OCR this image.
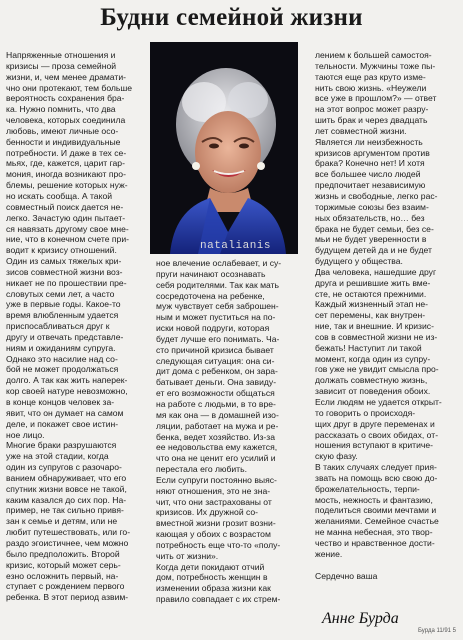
Будни семейной жизни
Напряженные отношения и
кризисы — проза семейной
жизни, и, чем менее драмати-
чно они протекают, тем больше
вероятность сохранения бра-
ка. Нужно помнить, что два
человека, которых соединила
любовь, имеют личные осо-
бенности и индивидуальные
потребности. И даже в тех се-
мьях, где, кажется, царит гар-
мония, иногда возникают про-
блемы, решение которых нуж-
но искать сообща. А такой
совместный поиск дается не-
легко. Зачастую один пытает-
ся навязать другому свое мне-
ние, что в конечном счете при-
водит к кризису отношений.
Один из самых тяжелых кри-
зисов совместной жизни воз-
никает не по прошествии пре-
словутых семи лет, а часто
уже в первые годы. Какое-то
время влюбленным удается
приспосабливаться друг к
другу и отвечать представле-
ниям и ожиданиям супруга.
Однако это насилие над со-
бой не может продолжаться
долго. А так как жить наперек-
кор своей натуре невозможно,
в конце концов человек за-
явит, что он думает на самом
деле, и покажет свое истин-
ное лицо.
Многие браки разрушаются
уже на этой стадии, когда
один из супругов с разочаро-
ванием обнаруживает, что его
спутник жизни вовсе не такой,
каким казался до сих пор. На-
пример, не так сильно привя-
зан к семье и детям, или не
любит путешествовать, или го-
раздо эгоистичнее, чем можно
было предположить. Второй
кризис, который может серь-
езно осложнить первый, на-
ступает с рождением первого
ребенка. В этот период азвим-
natalianis
ное влечение ослабевает, и су-
пруги начинают осознавать
себя родителями. Так как мать
сосредоточена на ребенке,
муж чувствует себя заброшен-
ным и может пуститься на по-
иски новой подруги, которая
будет лучше его понимать. Ча-
сто причиной кризиса бывает
следующая ситуация: она си-
дит дома с ребенком, он зара-
батывает деньги. Она завиду-
ет его возможности общаться
на работе с людьми, в то вре-
мя как она — в домашней изо-
ляции, работает на мужа и ре-
бенка, ведет хозяйство. Из-за
ее недовольства ему кажется,
что она не ценит его усилий и
перестала его любить.
Если супруги постоянно выяс-
няют отношения, это не зна-
чит, что они застрахованы от
кризисов. Их дружной со-
вместной жизни грозит возни-
кающая у обоих с возрастом
потребность еще что-то «полу-
чить от жизни».
Когда дети покидают отчий
дом, потребность женщин в
изменении образа жизни как
правило совпадает с их стрем-
лением к большей самостоя-
тельности. Мужчины тоже пы-
таются еще раз круто изме-
нить свою жизнь. «Неужели
все уже в прошлом?» — ответ
на этот вопрос может разру-
шить брак и через двадцать
лет совместной жизни.
Является ли неизбежность
кризисов аргументом против
брака? Конечно нет! И хотя
все большее число людей
предпочитает независимую
жизнь и свободные, легко рас-
торжимые союзы без взаим-
ных обязательств, но… без
брака не будет семьи, без се-
мьи не будет уверенности в
будущем детей да и не будет
будущего у общества.
Два человека, нашедшие друг
друга и решившие жить вме-
сте, не остаются прежними.
Каждый жизненный этап не-
сет перемены, как внутрен-
ние, так и внешние. И кризис-
сов в совместной жизни не из-
бежать! Наступит ли такой
момент, когда один из супру-
гов уже не увидит смысла про-
должать совместную жизнь,
зависит от поведения обоих.
Если людям не удается открыт-
то говорить о происходя-
щих друг в друге переменах и
рассказать о своих обидах, от-
ношения вступают в критиче-
скую фазу.
В таких случаях следует прия-
звать на помощь всю свою до-
брожелательность, терпи-
мость, нежность и фантазию,
поделиться своими мечтами и
желаниями. Семейное счастье
не манна небесная, это твор-
чество и нравственное дости-
жение.

Сердечно ваша
Анне Бурда
Бурда 11/91 5
